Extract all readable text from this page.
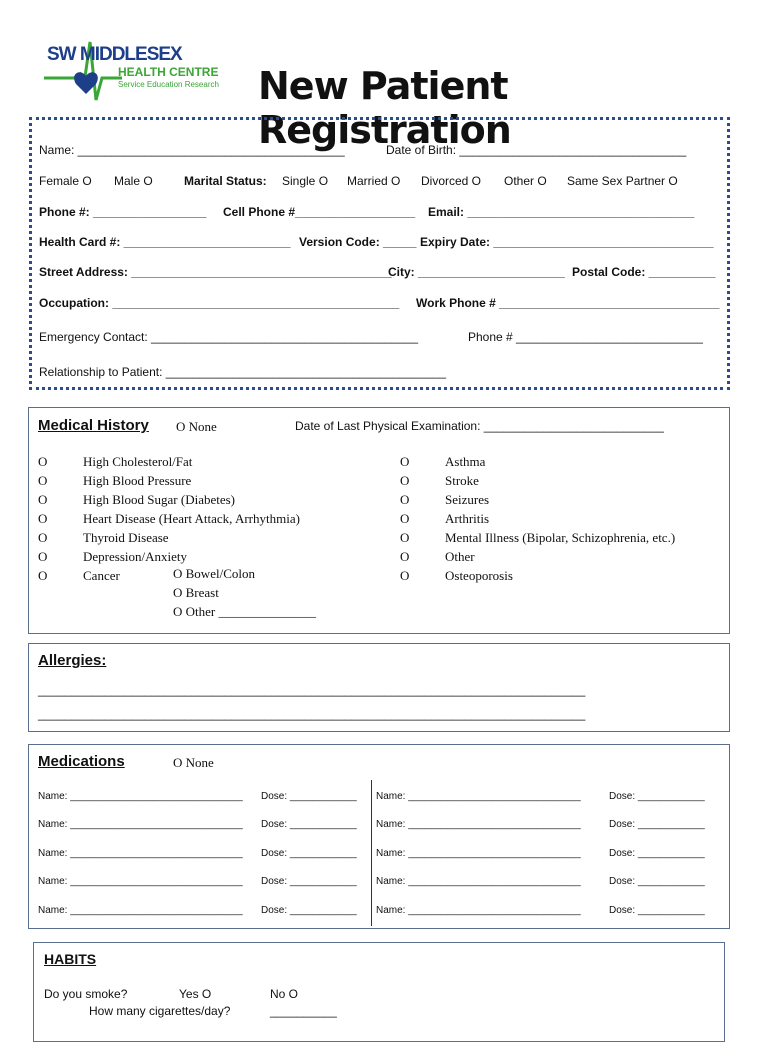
SW MIDDLESEX
HEALTH CENTRE
Service Education Research New Patient Registration
Name: ________________________________________	Date of Birth: __________________________________
Female O Male O	Marital Status: Single O Married O Divorced O Other O Same Sex Partner O
Phone #: _________________ Cell Phone #__________________ Email: __________________________________
Health Card #: _________________________ Version Code: _____ Expiry Date: _________________________________
Street Address: _______________________________________
City: ______________________ Postal Code: __________
Occupation: ___________________________________________ Work Phone # _________________________________
Emergency Contact: ________________________________________	Phone # ____________________________
Relationship to Patient: __________________________________________
Medical History O None	Date of Last Physical Examination: ___________________________
O	High Cholesterol/Fat
O	High Blood Pressure
O	High Blood Sugar (Diabetes)
O	Heart Disease (Heart Attack, Arrhythmia)
O	Thyroid Disease
O	Depression/Anxiety
O	Cancer
O	Asthma
O	Stroke
O	Seizures
O	Arthritis
O	Mental Illness (Bipolar, Schizophrenia, etc.)
O	Other
O	Osteoporosis
O Breast
O Bowel/Colon
O Other _______________
Allergies:
__________________________________________________________________________________
__________________________________________________________________________________
Medications	O None
Name: _______________________________ Dose: ____________ Name: _______________________________	Dose: ____________
Name: _______________________________ Dose: ____________ Name: _______________________________	Dose: ____________
Name: _______________________________ Dose: ____________ Name: _______________________________	Dose: ____________
Name: _______________________________ Dose: ____________ Name: _______________________________	Dose: ____________
Name: _______________________________ Dose: ____________ Name: _______________________________	Dose: ____________
HABITS
Do you smoke?	Yes O	No O
How many cigarettes/day?	__________
